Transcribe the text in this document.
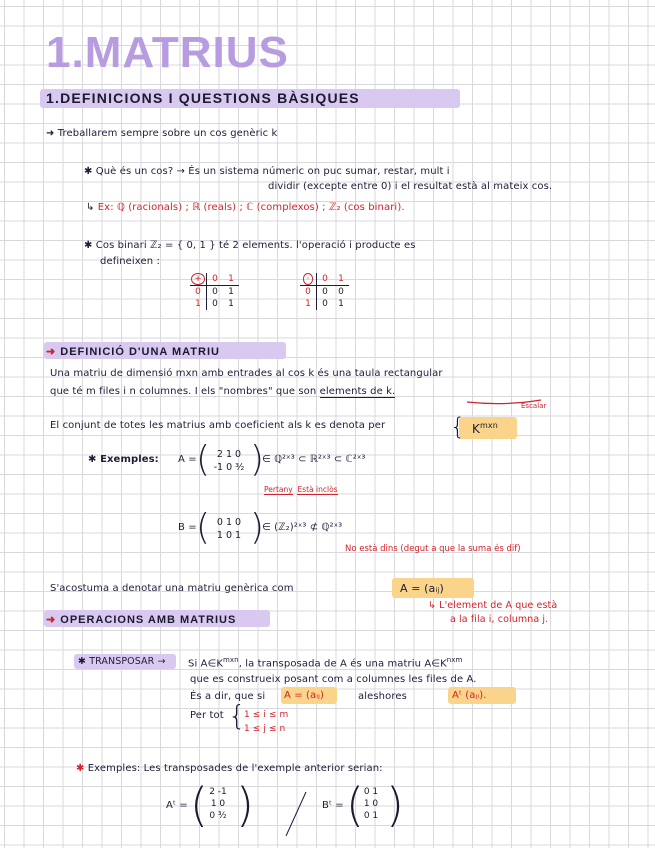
1.MATRIUS
1.DEFINICIONS I QUESTIONS BÀSIQUES
➜ Treballarem sempre sobre un cos genèric k
✱ Què és un cos? → És un sistema númeric on puc sumar, restar, mult i
dividir (excepte entre 0) i el resultat està al mateix cos.
↳ Ex: ℚ (racionals) ; ℝ (reals) ; ℂ (complexos) ; ℤ₂ (cos binari).
✱ Cos binari ℤ₂ = { 0, 1 } té 2 elements. l'operació i producte es
defineixen :
+	0	1
0	0	1
1	0	1
·	0	1
0	0	0
1	0	1
➜ DEFINICIÓ D'UNA MATRIU
Una matriu de dimensió mxn amb entrades al cos k és una taula rectangular
que té m files i n columnes. I els "nombres" que son elements de k.
Escalar
El conjunt de totes les matrius amb coeficient als k es denota per	{ $K^{mxn}$
✱ Exemples: A = ( 2 1 0
-1 0 ³⁄₂ )
∈ ℚ²ˣ³ ⊂ ℝ²ˣ³ ⊂ ℂ²ˣ³
Pertany Està inclòs
B = ( 0 1 0
1 0 1 )
∈ (ℤ₂)²ˣ³ ⊄ ℚ²ˣ³
No està dins (degut a que la suma és dif)
S'acostuma a denotar una matriu genèrica com	A = (aᵢⱼ)
↳ L'element de A que està
a la fila i, columna j.
➜ OPERACIONS AMB MATRIUS
✱ TRANSPOSAR → Si $A\in K^{mxn}$, la transposada de A és una matriu $A\in K^{nxm}$
que es construeix posant com a columnes les files de A.
És a dir, que si A = (aᵢⱼ)	aleshores	Aᵗ (aⱼᵢ).
Per tot {
1 ≤ i ≤ m
1 ≤ j ≤ n
✱ Exemples: Les transposades de l'exemple anterior serian:
Aᵗ = ( 2 -1
1 0
0 ³⁄₂ )	Bᵗ = ( 0 1
1 0
0 1 )
